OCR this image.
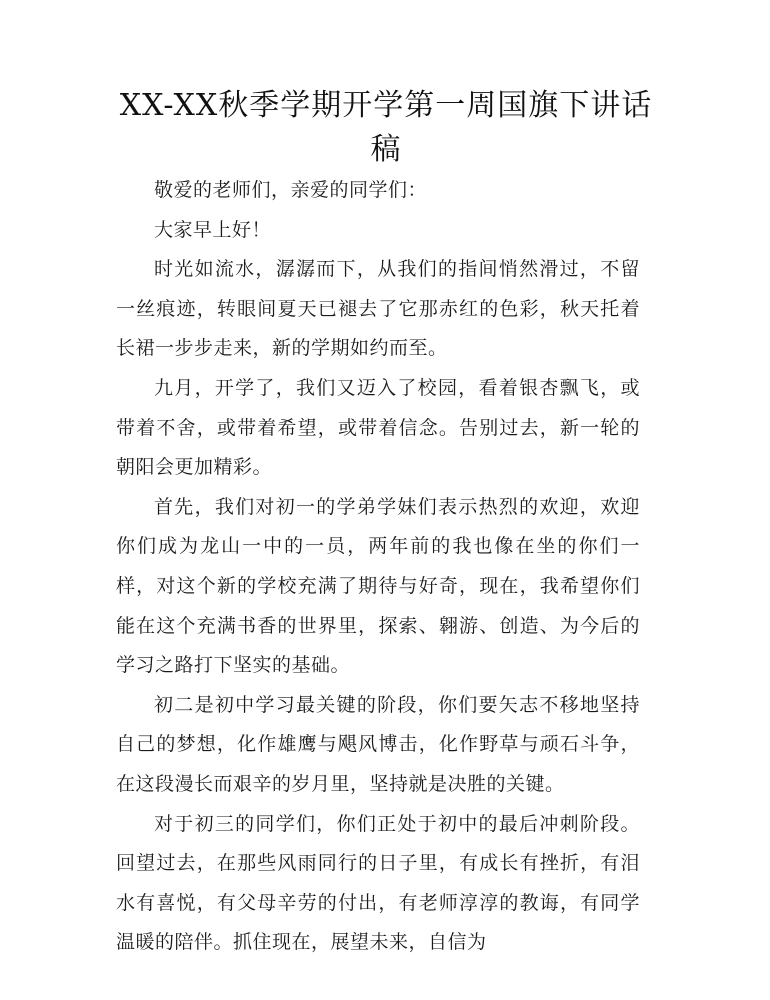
XX-XX秋季学期开学第一周国旗下讲话稿

敬爱的老师们，亲爱的同学们：

大家早上好！

时光如流水，潺潺而下，从我们的指间悄然滑过，不留一丝痕迹，转眼间夏天已褪去了它那赤红的色彩，秋天托着长裙一步步走来，新的学期如约而至。

九月，开学了，我们又迈入了校园，看着银杏飘飞，或带着不舍，或带着希望，或带着信念。告别过去，新一轮的朝阳会更加精彩。

首先，我们对初一的学弟学妹们表示热烈的欢迎，欢迎你们成为龙山一中的一员，两年前的我也像在坐的你们一样，对这个新的学校充满了期待与好奇，现在，我希望你们能在这个充满书香的世界里，探索、翱游、创造、为今后的学习之路打下坚实的基础。

初二是初中学习最关键的阶段，你们要矢志不移地坚持自己的梦想，化作雄鹰与飓风博击，化作野草与顽石斗争，在这段漫长而艰辛的岁月里，坚持就是决胜的关键。

对于初三的同学们，你们正处于初中的最后冲刺阶段。回望过去，在那些风雨同行的日子里，有成长有挫折，有泪水有喜悦，有父母辛劳的付出，有老师淳淳的教诲，有同学温暖的陪伴。抓住现在，展望未来，自信为
